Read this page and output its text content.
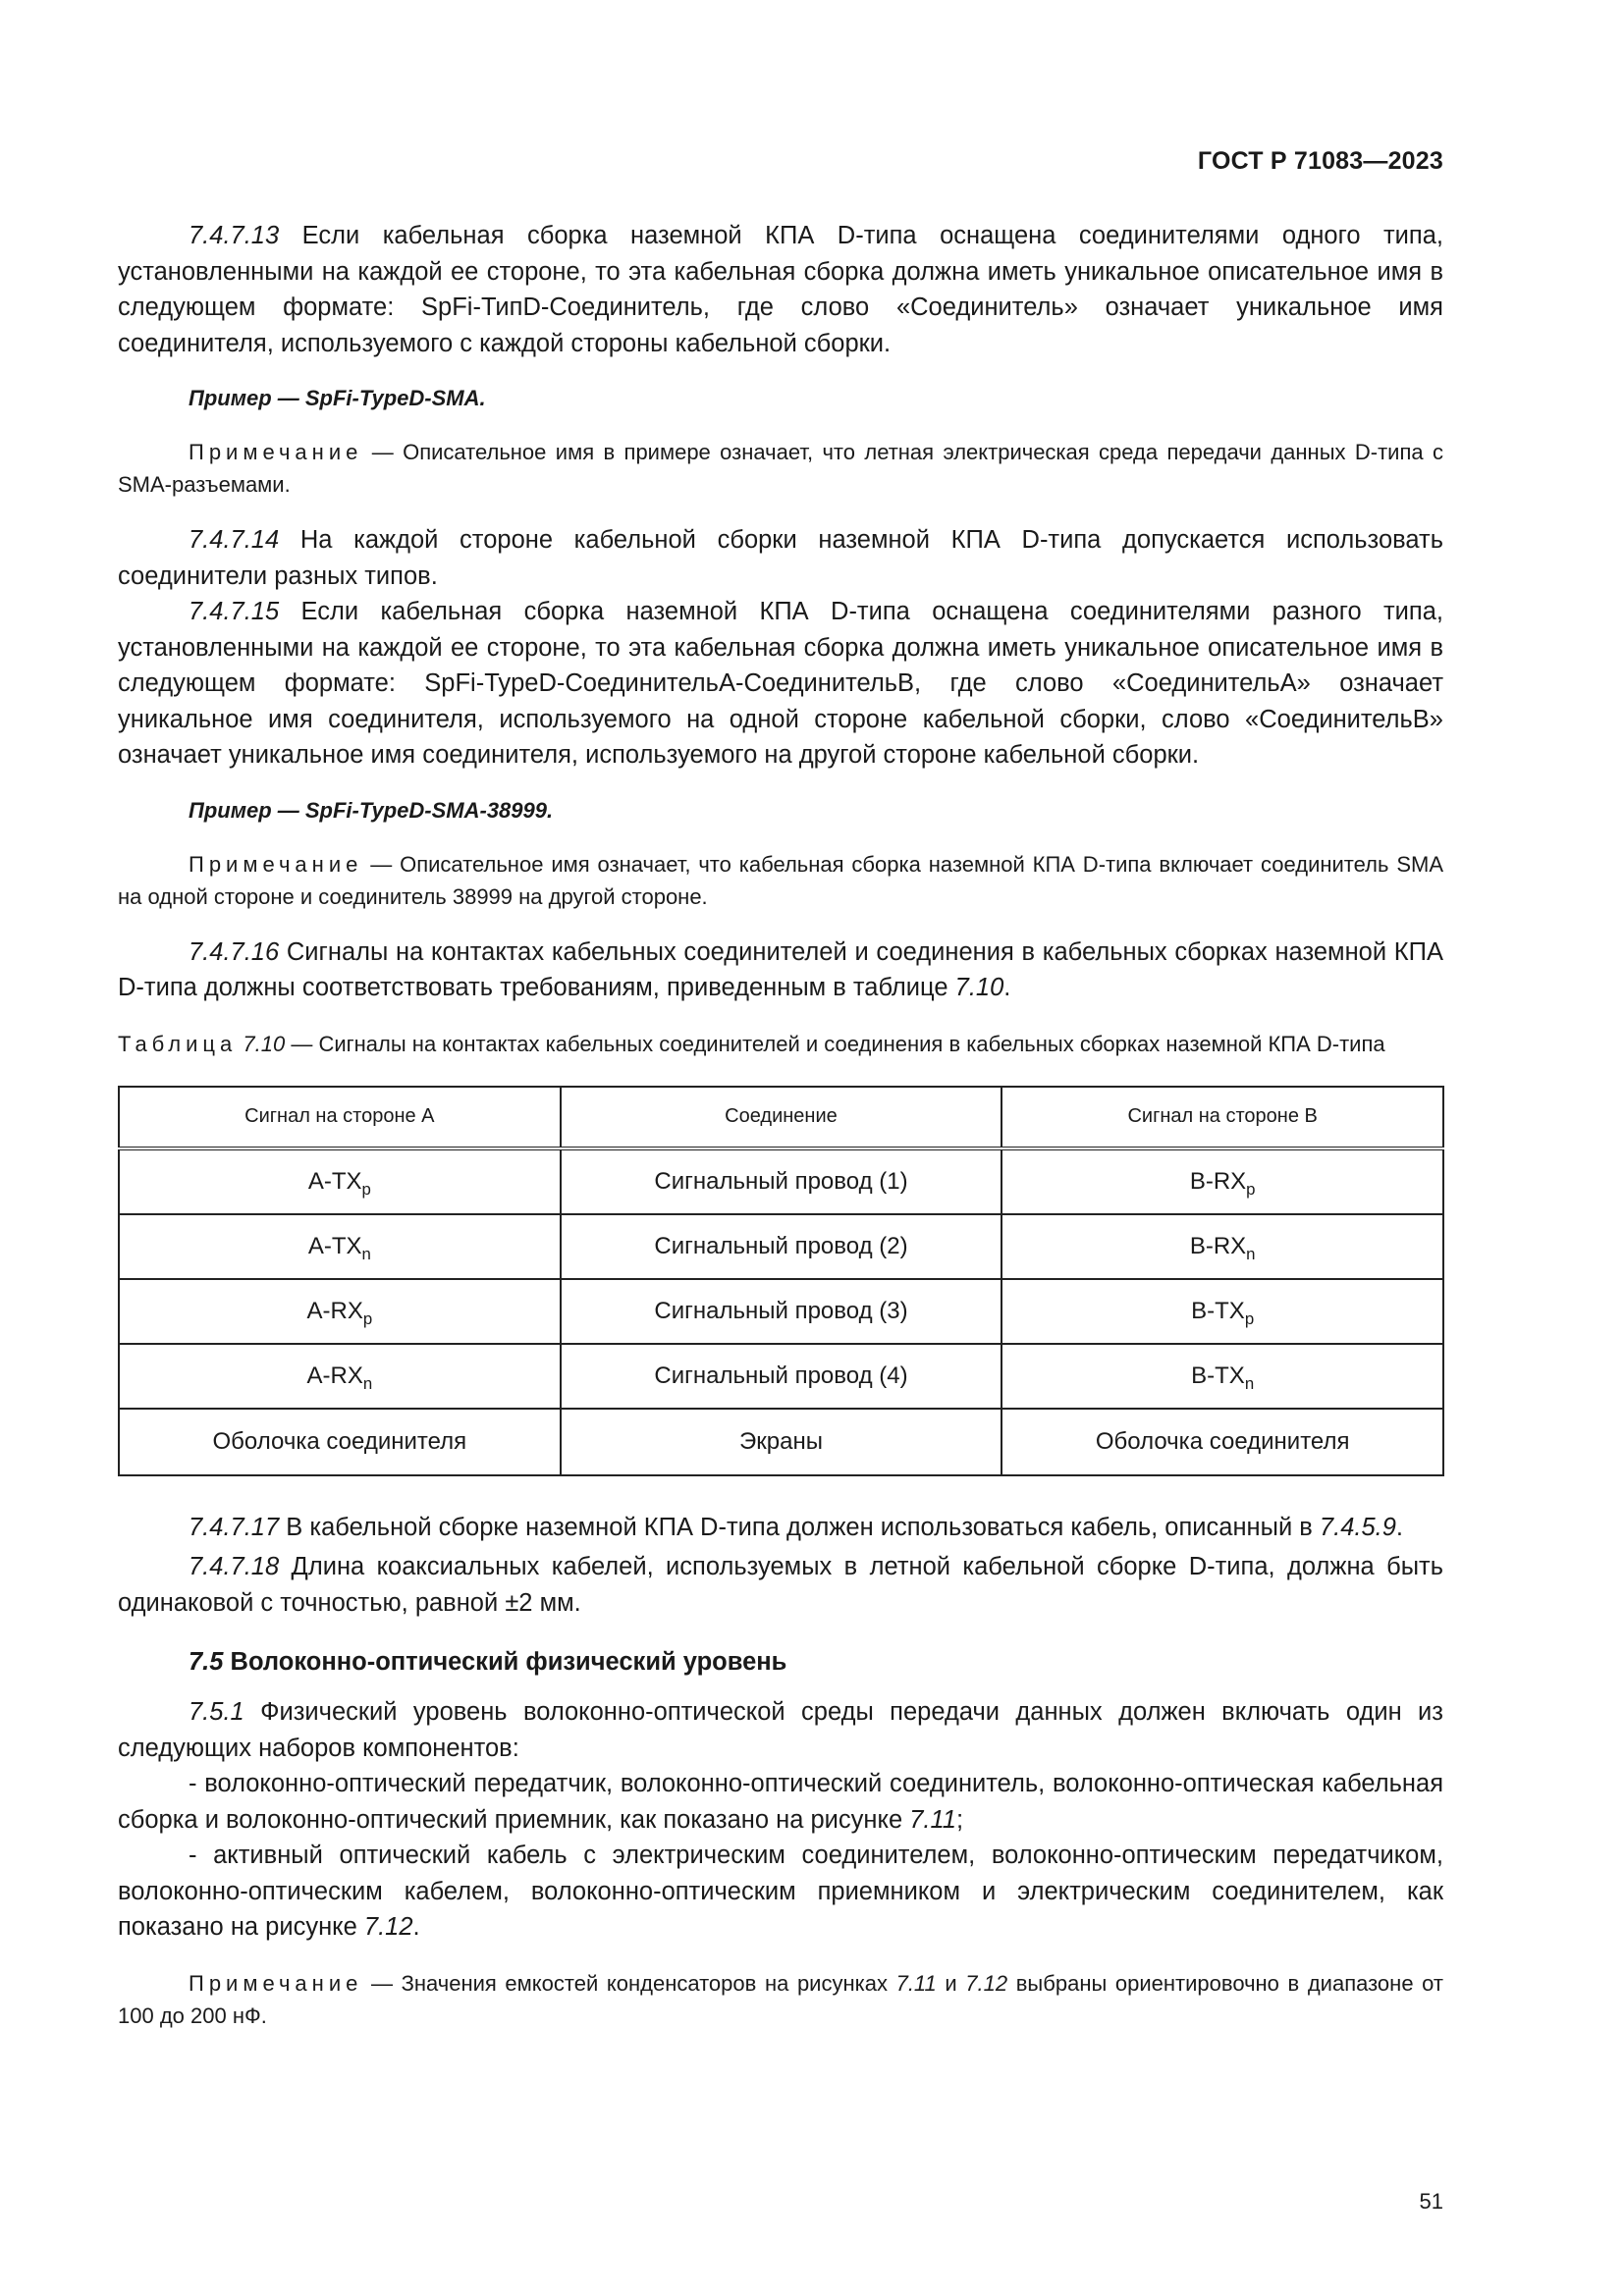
ГОСТ Р 71083—2023

7.4.7.13 Если кабельная сборка наземной КПА D-типа оснащена соединителями одного типа, установленными на каждой ее стороне, то эта кабельная сборка должна иметь уникальное описательное имя в следующем формате: SpFi-ТипD-Соединитель, где слово «Соединитель» означает уникальное имя соединителя, используемого с каждой стороны кабельной сборки.

Пример — SpFi-TypeD-SMA.

Примечание — Описательное имя в примере означает, что летная электрическая среда передачи данных D-типа с SMA-разъемами.

7.4.7.14 На каждой стороне кабельной сборки наземной КПА D-типа допускается использовать соединители разных типов.

7.4.7.15 Если кабельная сборка наземной КПА D-типа оснащена соединителями разного типа, установленными на каждой ее стороне, то эта кабельная сборка должна иметь уникальное описательное имя в следующем формате: SpFi-TypeD-СоединительA-СоединительB, где слово «СоединительA» означает уникальное имя соединителя, используемого на одной стороне кабельной сборки, слово «СоединительB» означает уникальное имя соединителя, используемого на другой стороне кабельной сборки.

Пример — SpFi-TypeD-SMA-38999.

Примечание — Описательное имя означает, что кабельная сборка наземной КПА D-типа включает соединитель SMA на одной стороне и соединитель 38999 на другой стороне.

7.4.7.16 Сигналы на контактах кабельных соединителей и соединения в кабельных сборках наземной КПА D-типа должны соответствовать требованиям, приведенным в таблице 7.10.

Таблица 7.10 — Сигналы на контактах кабельных соединителей и соединения в кабельных сборках наземной КПА D-типа

Сигнал на стороне А	Соединение	Сигнал на стороне В
$A-TX_p$	Сигнальный провод (1)	$B-RX_p$
$A-TX_n$	Сигнальный провод (2)	$B-RX_n$
$A-RX_p$	Сигнальный провод (3)	$B-TX_p$
$A-RX_n$	Сигнальный провод (4)	$B-TX_n$
Оболочка соединителя	Экраны	Оболочка соединителя

7.4.7.17 В кабельной сборке наземной КПА D-типа должен использоваться кабель, описанный в 7.4.5.9.

7.4.7.18 Длина коаксиальных кабелей, используемых в летной кабельной сборке D-типа, должна быть одинаковой с точностью, равной ±2 мм.

7.5 Волоконно-оптический физический уровень

7.5.1 Физический уровень волоконно-оптической среды передачи данных должен включать один из следующих наборов компонентов:

- волоконно-оптический передатчик, волоконно-оптический соединитель, волоконно-оптическая кабельная сборка и волоконно-оптический приемник, как показано на рисунке 7.11;

- активный оптический кабель с электрическим соединителем, волоконно-оптическим передатчиком, волоконно-оптическим кабелем, волоконно-оптическим приемником и электрическим соединителем, как показано на рисунке 7.12.

Примечание — Значения емкостей конденсаторов на рисунках 7.11 и 7.12 выбраны ориентировочно в диапазоне от 100 до 200 нФ.

51
